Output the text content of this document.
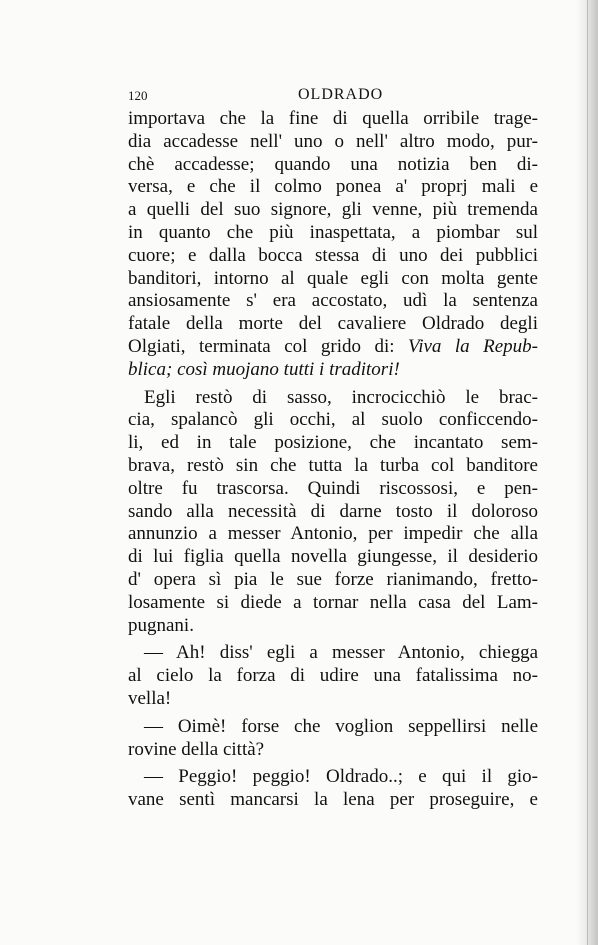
120	OLDRADO
importava che la fine di quella orribile trage-
dia accadesse nell' uno o nell' altro modo, pur-
chè accadesse; quando una notizia ben di-
versa, e che il colmo ponea a' proprj mali e
a quelli del suo signore, gli venne, più tremenda
in quanto che più inaspettata, a piombar sul
cuore; e dalla bocca stessa di uno dei pubblici
banditori, intorno al quale egli con molta gente
ansiosamente s' era accostato, udì la sentenza
fatale della morte del cavaliere Oldrado degli
Olgiati, terminata col grido di: Viva la Repub-
blica; così muojano tutti i traditori!
Egli restò di sasso, incrocicchiò le brac-
cia, spalancò gli occhi, al suolo conficcendo-
li, ed in tale posizione, che incantato sem-
brava, restò sin che tutta la turba col banditore
oltre fu trascorsa. Quindi riscossosi, e pen-
sando alla necessità di darne tosto il doloroso
annunzio a messer Antonio, per impedir che alla
di lui figlia quella novella giungesse, il desiderio
d' opera sì pia le sue forze rianimando, fretto-
losamente si diede a tornar nella casa del Lam-
pugnani.
— Ah! diss' egli a messer Antonio, chiegga
al cielo la forza di udire una fatalissima no-
vella!
— Oimè! forse che voglion seppellirsi nelle
rovine della città?
— Peggio! peggio! Oldrado..; e qui il gio-
vane sentì mancarsi la lena per proseguire, e
